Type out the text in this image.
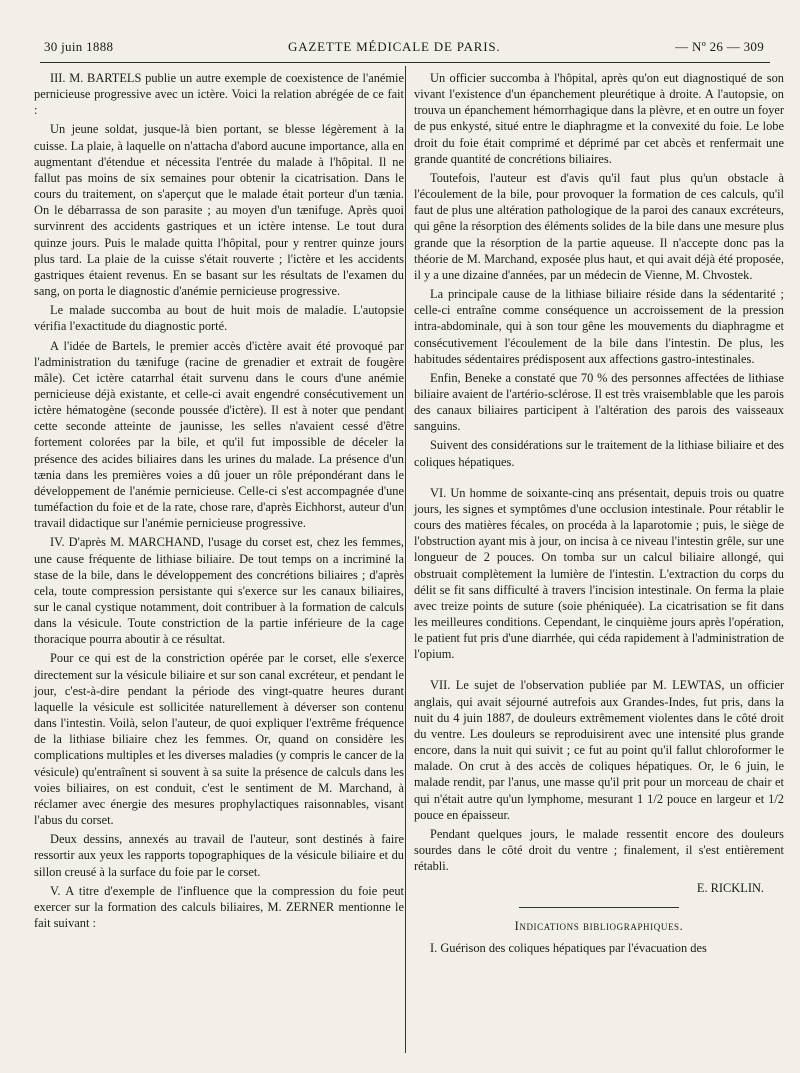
30 juin 1888	GAZETTE MÉDICALE DE PARIS.	— Nº 26 — 309

III. M. BARTELS publie un autre exemple de coexistence de l'anémie pernicieuse progressive avec un ictère. Voici la relation abrégée de ce fait :

Un jeune soldat, jusque-là bien portant, se blesse légèrement à la cuisse. La plaie, à laquelle on n'attacha d'abord aucune importance, alla en augmentant d'étendue et nécessita l'entrée du malade à l'hôpital. Il ne fallut pas moins de six semaines pour obtenir la cicatrisation. Dans le cours du traitement, on s'aperçut que le malade était porteur d'un tænia. On le débarrassa de son parasite ; au moyen d'un tænifuge. Après quoi survinrent des accidents gastriques et un ictère intense. Le tout dura quinze jours. Puis le malade quitta l'hôpital, pour y rentrer quinze jours plus tard. La plaie de la cuisse s'était rouverte ; l'ictère et les accidents gastriques étaient revenus. En se basant sur les résultats de l'examen du sang, on porta le diagnostic d'anémie pernicieuse progressive.

Le malade succomba au bout de huit mois de maladie. L'autopsie vérifia l'exactitude du diagnostic porté.

A l'idée de Bartels, le premier accès d'ictère avait été provoqué par l'administration du tænifuge (racine de grenadier et extrait de fougère mâle). Cet ictère catarrhal était survenu dans le cours d'une anémie pernicieuse déjà existante, et celle-ci avait engendré consécutivement un ictère hématogène (seconde poussée d'ictère). Il est à noter que pendant cette seconde atteinte de jaunisse, les selles n'avaient cessé d'être fortement colorées par la bile, et qu'il fut impossible de déceler la présence des acides biliaires dans les urines du malade. La présence d'un tænia dans les premières voies a dû jouer un rôle prépondérant dans le développement de l'anémie pernicieuse. Celle-ci s'est accompagnée d'une tuméfaction du foie et de la rate, chose rare, d'après Eichhorst, auteur d'un travail didactique sur l'anémie pernicieuse progressive.

IV. D'après M. MARCHAND, l'usage du corset est, chez les femmes, une cause fréquente de lithiase biliaire. De tout temps on a incriminé la stase de la bile, dans le développement des concrétions biliaires ; d'après cela, toute compression persistante qui s'exerce sur les canaux biliaires, sur le canal cystique notamment, doit contribuer à la formation de calculs dans la vésicule. Toute constriction de la partie inférieure de la cage thoracique pourra aboutir à ce résultat.

Pour ce qui est de la constriction opérée par le corset, elle s'exerce directement sur la vésicule biliaire et sur son canal excréteur, et pendant le jour, c'est-à-dire pendant la période des vingt-quatre heures durant laquelle la vésicule est sollicitée naturellement à déverser son contenu dans l'intestin. Voilà, selon l'auteur, de quoi expliquer l'extrême fréquence de la lithiase biliaire chez les femmes. Or, quand on considère les complications multiples et les diverses maladies (y compris le cancer de la vésicule) qu'entraînent si souvent à sa suite la présence de calculs dans les voies biliaires, on est conduit, c'est le sentiment de M. Marchand, à réclamer avec énergie des mesures prophylactiques raisonnables, visant l'abus du corset.

Deux dessins, annexés au travail de l'auteur, sont destinés à faire ressortir aux yeux les rapports topographiques de la vésicule biliaire et du sillon creusé à la surface du foie par le corset.

V. A titre d'exemple de l'influence que la compression du foie peut exercer sur la formation des calculs biliaires, M. ZERNER mentionne le fait suivant :

Un officier succomba à l'hôpital, après qu'on eut diagnostiqué de son vivant l'existence d'un épanchement pleurétique à droite. A l'autopsie, on trouva un épanchement hémorrhagique dans la plèvre, et en outre un foyer de pus enkysté, situé entre le diaphragme et la convexité du foie. Le lobe droit du foie était comprimé et déprimé par cet abcès et renfermait une grande quantité de concrétions biliaires.

Toutefois, l'auteur est d'avis qu'il faut plus qu'un obstacle à l'écoulement de la bile, pour provoquer la formation de ces calculs, qu'il faut de plus une altération pathologique de la paroi des canaux excréteurs, qui gêne la résorption des éléments solides de la bile dans une mesure plus grande que la résorption de la partie aqueuse. Il n'accepte donc pas la théorie de M. Marchand, exposée plus haut, et qui avait déjà été proposée, il y a une dizaine d'années, par un médecin de Vienne, M. Chvostek.

La principale cause de la lithiase biliaire réside dans la sédentarité ; celle-ci entraîne comme conséquence un accroissement de la pression intra-abdominale, qui à son tour gêne les mouvements du diaphragme et consécutivement l'écoulement de la bile dans l'intestin. De plus, les habitudes sédentaires prédisposent aux affections gastro-intestinales.

Enfin, Beneke a constaté que 70 % des personnes affectées de lithiase biliaire avaient de l'artério-sclérose. Il est très vraisemblable que les parois des canaux biliaires participent à l'altération des parois des vaisseaux sanguins.

Suivent des considérations sur le traitement de la lithiase biliaire et des coliques hépatiques.

VI. Un homme de soixante-cinq ans présentait, depuis trois ou quatre jours, les signes et symptômes d'une occlusion intestinale. Pour rétablir le cours des matières fécales, on procéda à la laparotomie ; puis, le siège de l'obstruction ayant mis à jour, on incisa à ce niveau l'intestin grêle, sur une longueur de 2 pouces. On tomba sur un calcul biliaire allongé, qui obstruait complètement la lumière de l'intestin. L'extraction du corps du délit se fit sans difficulté à travers l'incision intestinale. On ferma la plaie avec treize points de suture (soie phéniquée). La cicatrisation se fit dans les meilleures conditions. Cependant, le cinquième jours après l'opération, le patient fut pris d'une diarrhée, qui céda rapidement à l'administration de l'opium.

VII. Le sujet de l'observation publiée par M. LEWTAS, un officier anglais, qui avait séjourné autrefois aux Grandes-Indes, fut pris, dans la nuit du 4 juin 1887, de douleurs extrêmement violentes dans le côté droit du ventre. Les douleurs se reproduisirent avec une intensité plus grande encore, dans la nuit qui suivit ; ce fut au point qu'il fallut chloroformer le malade. On crut à des accès de coliques hépatiques. Or, le 6 juin, le malade rendit, par l'anus, une masse qu'il prit pour un morceau de chair et qui n'était autre qu'un lymphome, mesurant 1 1/2 pouce en largeur et 1/2 pouce en épaisseur.

Pendant quelques jours, le malade ressentit encore des douleurs sourdes dans le côté droit du ventre ; finalement, il s'est entièrement rétabli.

E. RICKLIN.
Indications bibliographiques.

I. Guérison des coliques hépatiques par l'évacuation des
